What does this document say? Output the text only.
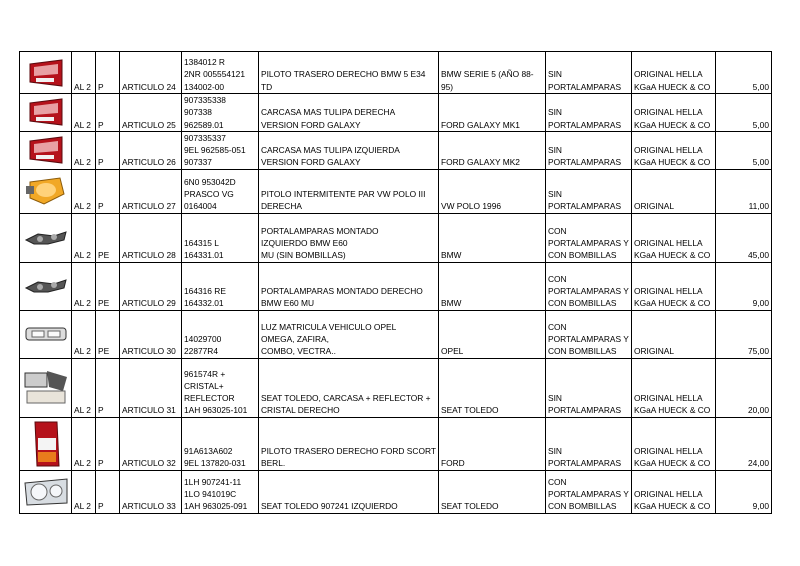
	AL 2	P	ARTICULO 24	1384012 R
2NR 005554121
134002-00	PILOTO TRASERO DERECHO BMW 5 E34
TD	BMW SERIE 5 (AÑO 88-95)	SIN
PORTALAMPARAS	ORIGINAL HELLA
KGaA HUECK & CO	5,00

	AL 2	P	ARTICULO 25	907335338
907338
962589.01	CARCASA MAS TULIPA DERECHA
VERSION FORD GALAXY	FORD GALAXY MK1	SIN
PORTALAMPARAS	ORIGINAL HELLA
KGaA HUECK & CO	5,00

	AL 2	P	ARTICULO 26	907335337
9EL 962585-051
907337	CARCASA MAS TULIPA IZQUIERDA
VERSION FORD GALAXY	FORD GALAXY MK2	SIN
PORTALAMPARAS	ORIGINAL HELLA
KGaA HUECK & CO	5,00

	AL 2	P	ARTICULO 27	6N0 953042D
PRASCO VG
0164004	PITOLO INTERMITENTE PAR VW POLO III
DERECHA	VW POLO 1996	SIN
PORTALAMPARAS	ORIGINAL	11,00

	AL 2	PE	ARTICULO 28	164315 L
164331.01	PORTALAMPARAS MONTADO
IZQUIERDO BMW E60
MU (SIN BOMBILLAS)	BMW	CON
PORTALAMPARAS Y
CON BOMBILLAS	ORIGINAL HELLA
KGaA HUECK & CO	45,00

	AL 2	PE	ARTICULO 29	164316 RE
164332.01	PORTALAMPARAS MONTADO DERECHO
BMW E60 MU	BMW	CON
PORTALAMPARAS Y
CON BOMBILLAS	ORIGINAL HELLA
KGaA HUECK & CO	9,00

	AL 2	PE	ARTICULO 30	14029700
22877R4	LUZ MATRICULA VEHICULO OPEL
OMEGA, ZAFIRA,
COMBO, VECTRA..	OPEL	CON
PORTALAMPARAS Y
CON BOMBILLAS	ORIGINAL	75,00

	AL 2	P	ARTICULO 31	961574R +
CRISTAL+
REFLECTOR
1AH 963025-101	SEAT TOLEDO, CARCASA + REFLECTOR +
CRISTAL DERECHO	SEAT TOLEDO	SIN
PORTALAMPARAS	ORIGINAL HELLA
KGaA HUECK & CO	20,00

	AL 2	P	ARTICULO 32	91A613A602
9EL 137820-031	PILOTO TRASERO DERECHO FORD SCORT
BERL.	FORD	SIN
PORTALAMPARAS	ORIGINAL HELLA
KGaA HUECK & CO	24,00

	AL 2	P	ARTICULO 33	1LH 907241-11
1LO 941019C
1AH 963025-091	SEAT TOLEDO 907241 IZQUIERDO	SEAT TOLEDO	CON
PORTALAMPARAS Y
CON BOMBILLAS	ORIGINAL HELLA
KGaA HUECK & CO	9,00
